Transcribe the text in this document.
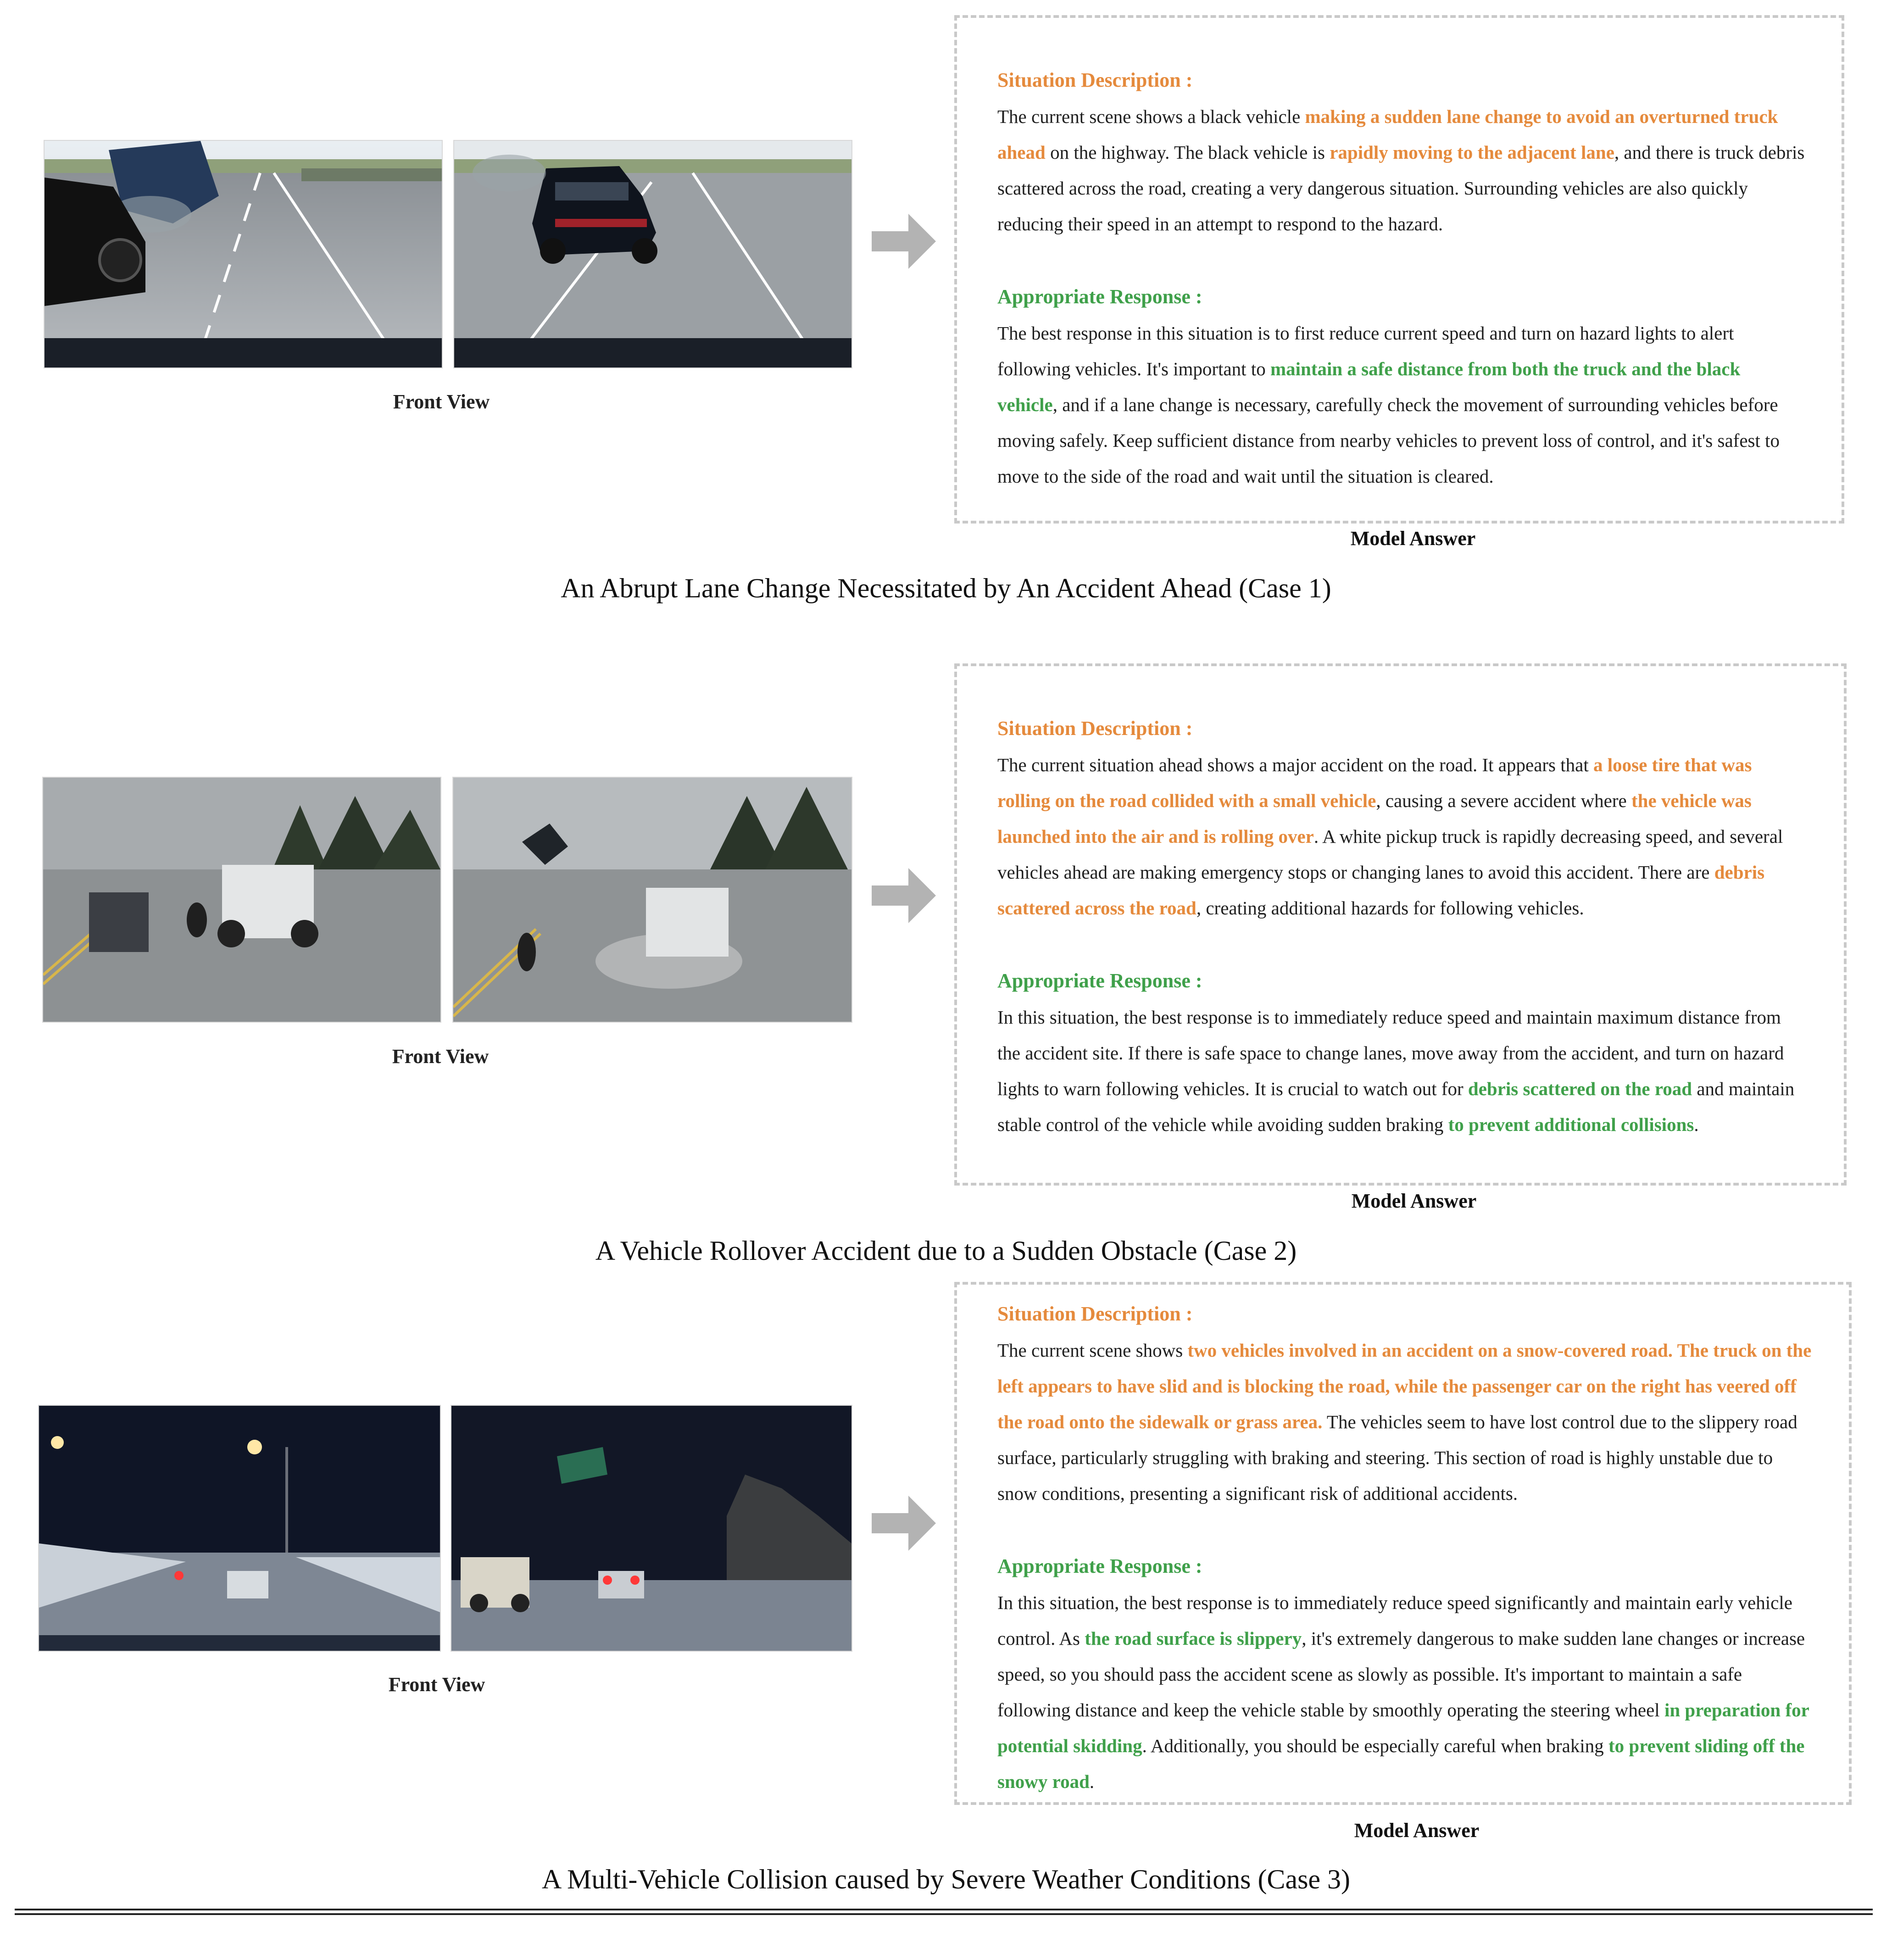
Front View
Situation Description :

The current scene shows a black vehicle making a sudden lane change to avoid an overturned truck ahead on the highway. The black vehicle is rapidly moving to the adjacent lane, and there is truck debris scattered across the road, creating a very dangerous situation. Surrounding vehicles are also quickly reducing their speed in an attempt to respond to the hazard.

Appropriate Response :

The best response in this situation is to first reduce current speed and turn on hazard lights to alert following vehicles. It's important to maintain a safe distance from both the truck and the black vehicle, and if a lane change is necessary, carefully check the movement of surrounding vehicles before moving safely. Keep sufficient distance from nearby vehicles to prevent loss of control, and it's safest to move to the side of the road and wait until the situation is cleared.

Model Answer
An Abrupt Lane Change Necessitated by An Accident Ahead (Case 1)
Front View
Situation Description :

The current situation ahead shows a major accident on the road. It appears that a loose tire that was rolling on the road collided with a small vehicle, causing a severe accident where the vehicle was launched into the air and is rolling over. A white pickup truck is rapidly decreasing speed, and several vehicles ahead are making emergency stops or changing lanes to avoid this accident. There are debris scattered across the road, creating additional hazards for following vehicles.

Appropriate Response :

In this situation, the best response is to immediately reduce speed and maintain maximum distance from the accident site. If there is safe space to change lanes, move away from the accident, and turn on hazard lights to warn following vehicles. It is crucial to watch out for debris scattered on the road and maintain stable control of the vehicle while avoiding sudden braking to prevent additional collisions.

Model Answer
A Vehicle Rollover Accident due to a Sudden Obstacle (Case 2)
Front View
Situation Description :

The current scene shows two vehicles involved in an accident on a snow-covered road. The truck on the left appears to have slid and is blocking the road, while the passenger car on the right has veered off the road onto the sidewalk or grass area. The vehicles seem to have lost control due to the slippery road surface, particularly struggling with braking and steering. This section of road is highly unstable due to snow conditions, presenting a significant risk of additional accidents.

Appropriate Response :

In this situation, the best response is to immediately reduce speed significantly and maintain early vehicle control. As the road surface is slippery, it's extremely dangerous to make sudden lane changes or increase speed, so you should pass the accident scene as slowly as possible. It's important to maintain a safe following distance and keep the vehicle stable by smoothly operating the steering wheel in preparation for potential skidding. Additionally, you should be especially careful when braking to prevent sliding off the snowy road.

Model Answer
A Multi-Vehicle Collision caused by Severe Weather Conditions (Case 3)
